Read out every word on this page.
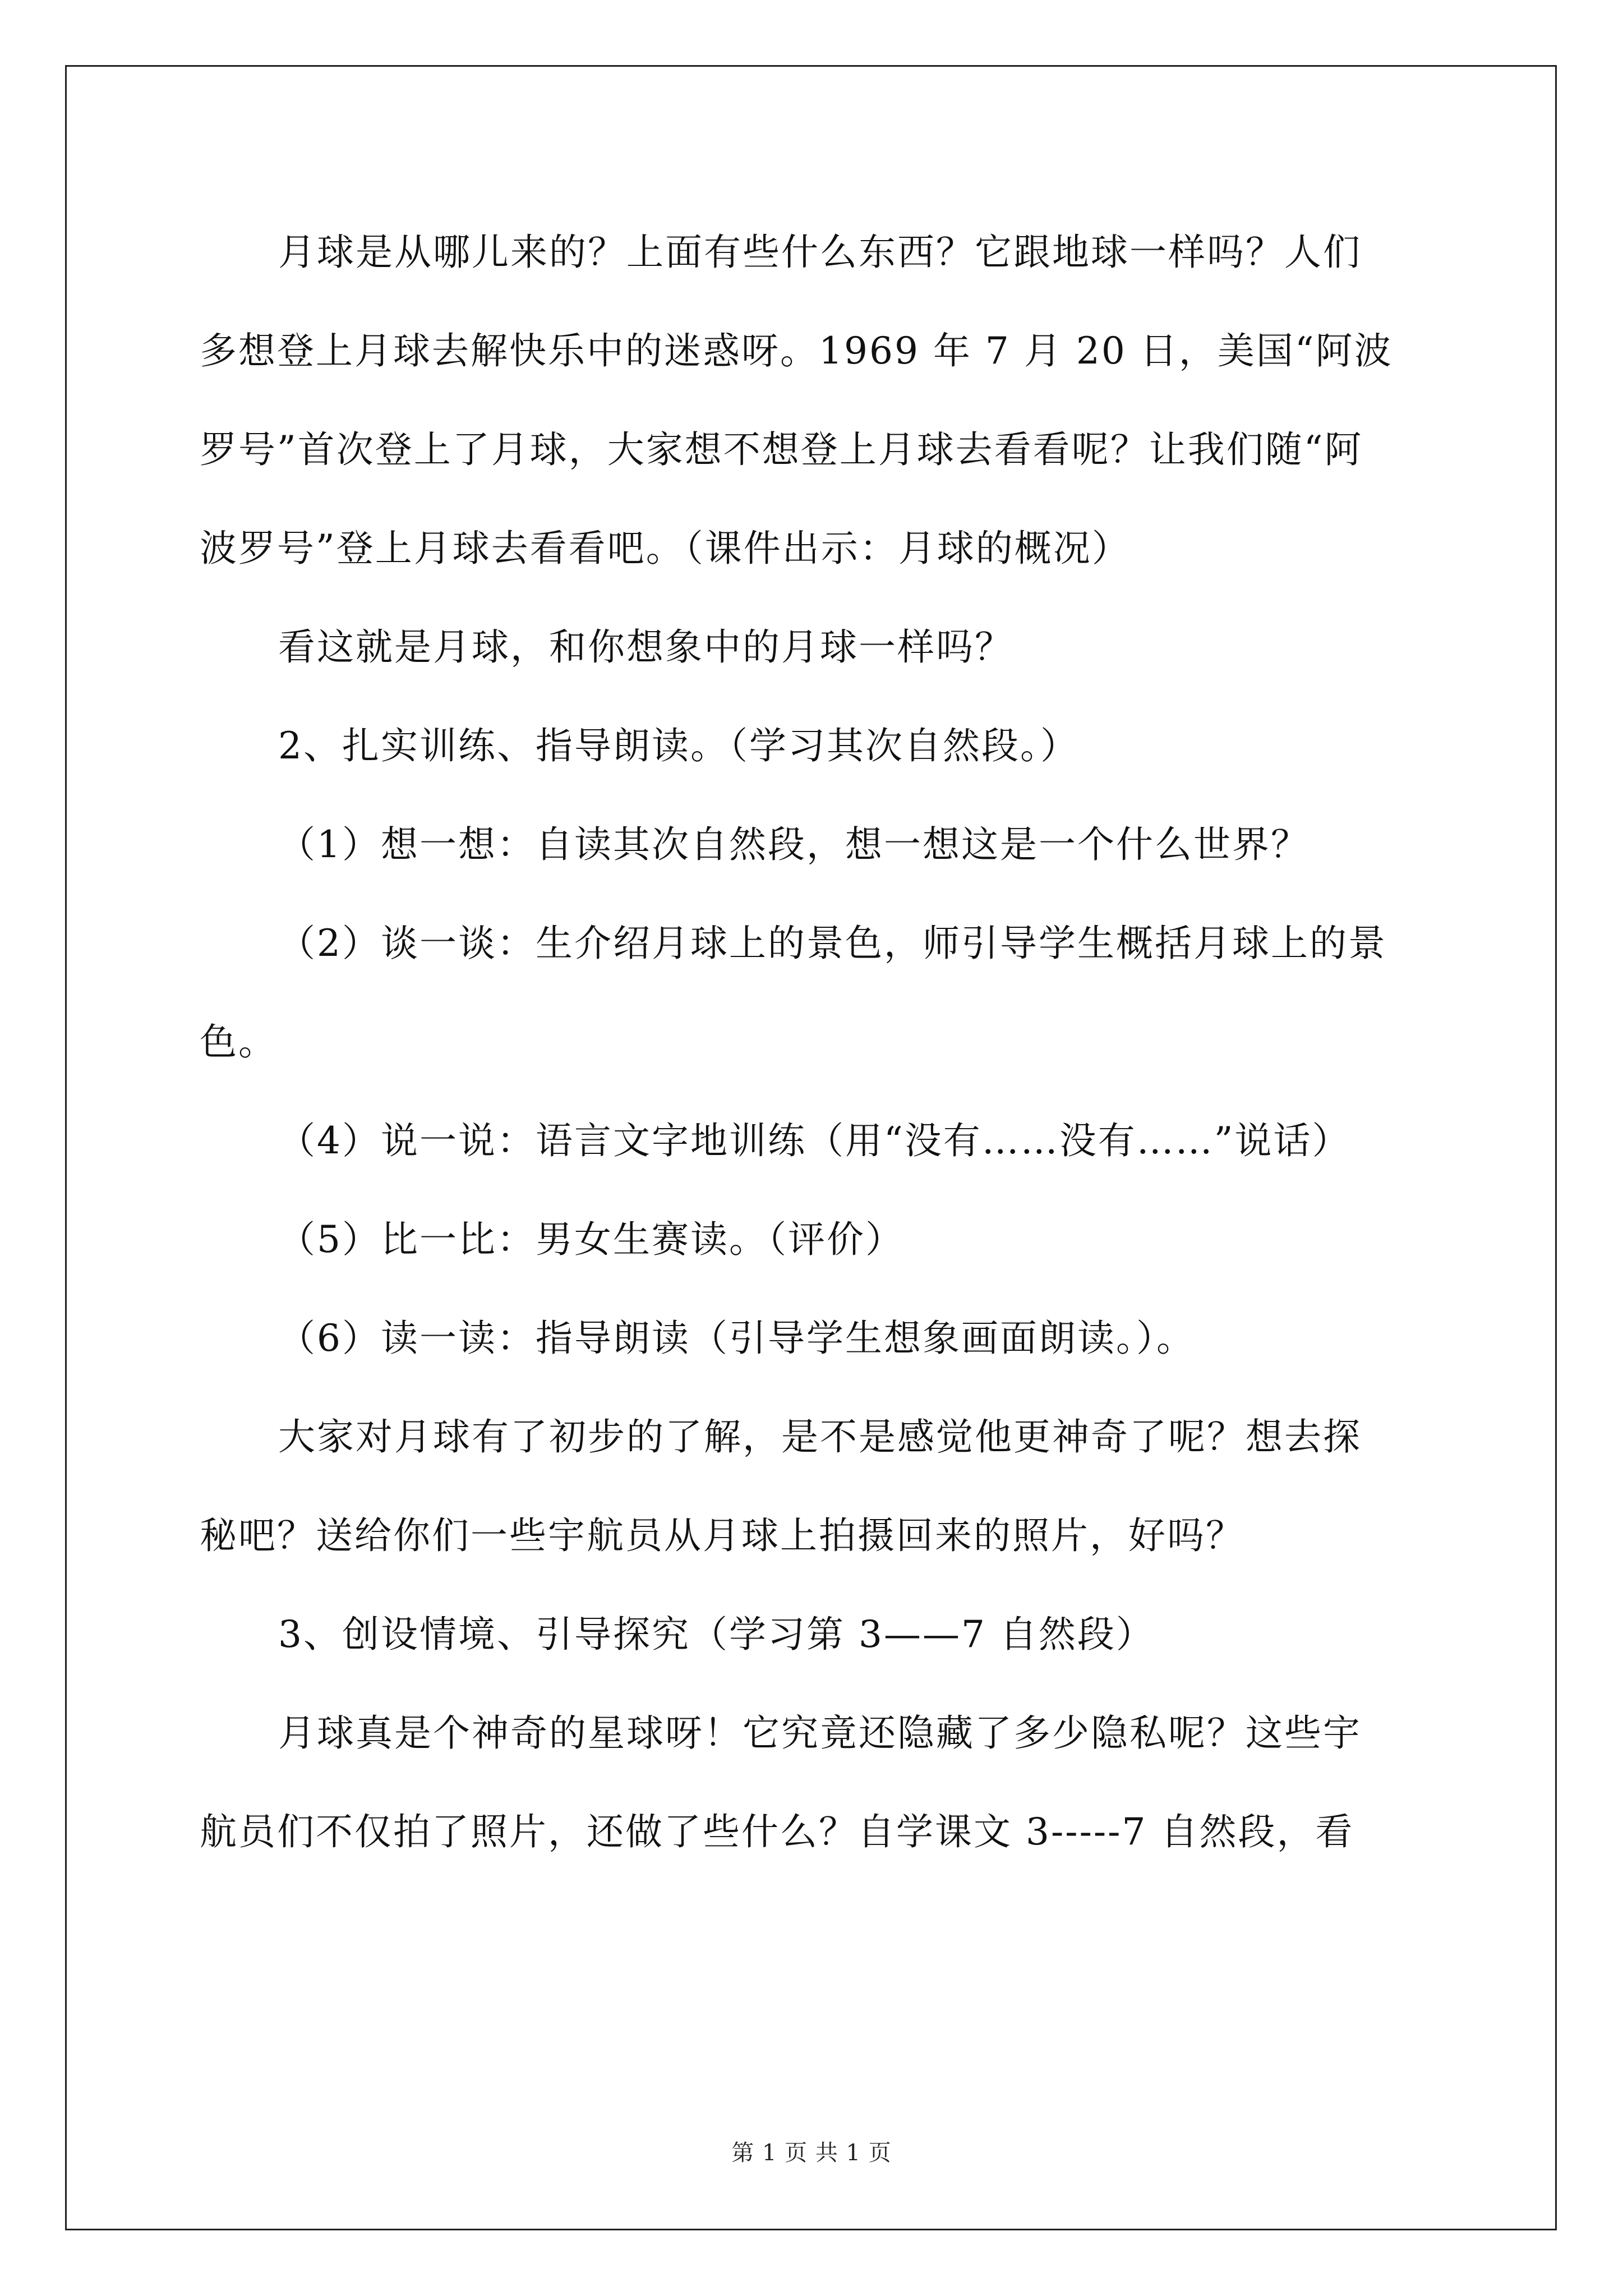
月球是从哪儿来的？上面有些什么东西？它跟地球一样吗？人们
多想登上月球去解快乐中的迷惑呀。1969 年 7 月 20 日，美国“阿波
罗号”首次登上了月球，大家想不想登上月球去看看呢？让我们随“阿
波罗号”登上月球去看看吧。（课件出示：月球的概况）
看这就是月球，和你想象中的月球一样吗？
2、扎实训练、指导朗读。（学习其次自然段。）
（1）想一想：自读其次自然段，想一想这是一个什么世界？
（2）谈一谈：生介绍月球上的景色，师引导学生概括月球上的景
色。
（4）说一说：语言文字地训练（用“没有……没有……”说话）
（5）比一比：男女生赛读。（评价）
（6）读一读：指导朗读（引导学生想象画面朗读。）。
大家对月球有了初步的了解，是不是感觉他更神奇了呢？想去探
秘吧？送给你们一些宇航员从月球上拍摄回来的照片，好吗？
3、创设情境、引导探究（学习第 3——7 自然段）
月球真是个神奇的星球呀！它究竟还隐藏了多少隐私呢？这些宇
航员们不仅拍了照片，还做了些什么？自学课文 3-----7 自然段，看
第 1 页 共 1 页
